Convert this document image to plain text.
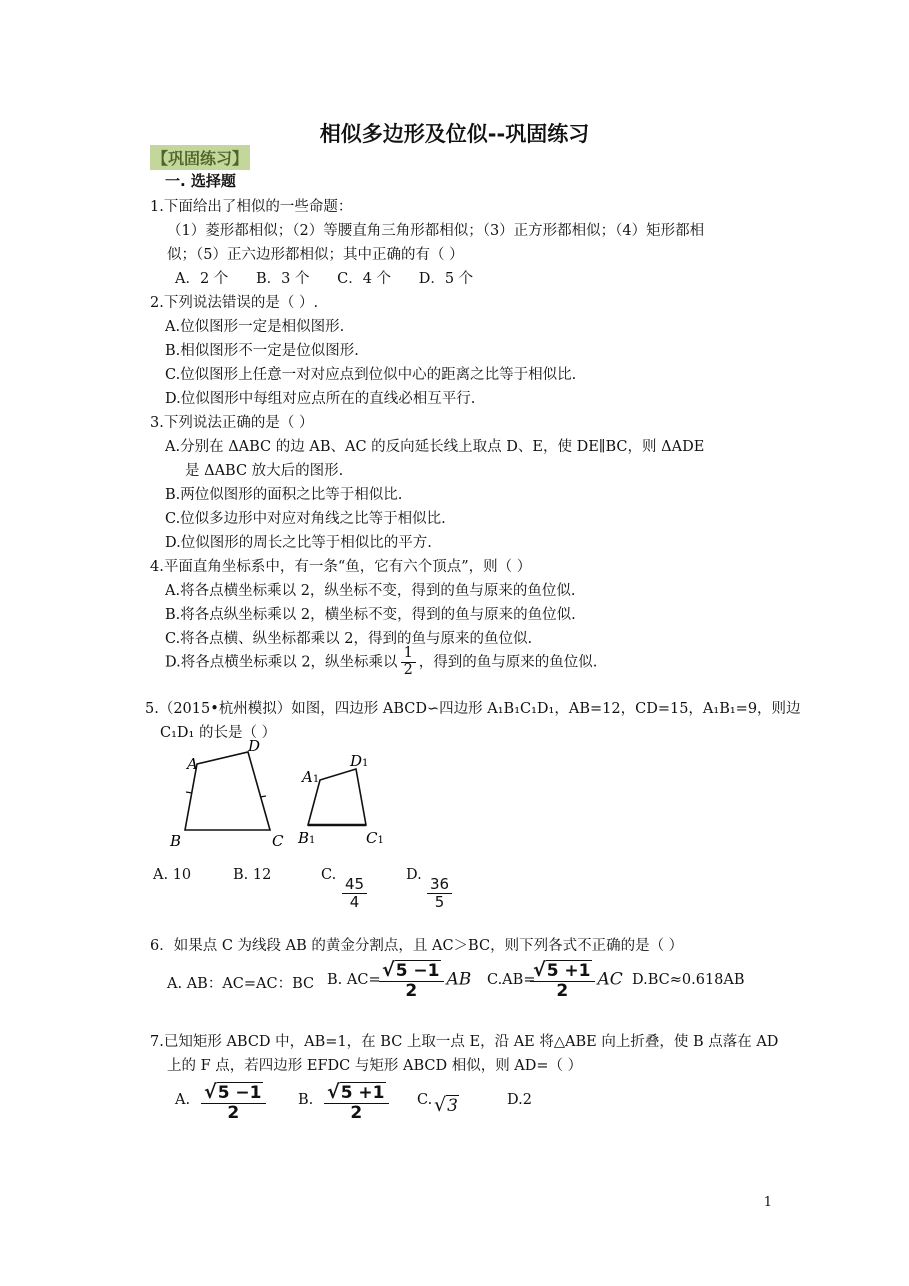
相似多边形及位似--巩固练习
【巩固练习】
一. 选择题
1.下面给出了相似的一些命题：
（1）菱形都相似；（2）等腰直角三角形都相似；（3）正方形都相似；（4）矩形都相
似；（5）正六边形都相似；其中正确的有（ ）
A．2 个      B．3 个      C．4 个      D．5 个
2.下列说法错误的是（ ）.
A.位似图形一定是相似图形.
B.相似图形不一定是位似图形.
C.位似图形上任意一对对应点到位似中心的距离之比等于相似比.
D.位似图形中每组对应点所在的直线必相互平行.
3.下列说法正确的是（ ）
A.分别在 ΔABC 的边 AB、AC 的反向延长线上取点 D、E，使 DE∥BC，则 ΔADE
是 ΔABC 放大后的图形.
B.两位似图形的面积之比等于相似比.
C.位似多边形中对应对角线之比等于相似比.
D.位似图形的周长之比等于相似比的平方.
4.平面直角坐标系中，有一条“鱼，它有六个顶点”，则（ ）
A.将各点横坐标乘以 2，纵坐标不变，得到的鱼与原来的鱼位似.
B.将各点纵坐标乘以 2，横坐标不变，得到的鱼与原来的鱼位似.
C.将各点横、纵坐标都乘以 2，得到的鱼与原来的鱼位似.
D.将各点横坐标乘以 2，纵坐标乘以 $\frac{1}{2}$ ，得到的鱼与原来的鱼位似.
5.（2015•杭州模拟）如图，四边形 ABCD∽四边形 A₁B₁C₁D₁，AB=12，CD=15，A₁B₁=9，则边
C₁D₁ 的长是（ ）
A
D
B	C
A1
D1
B1	C1
A. 10	B. 12	C.
$\frac{45}{4}$
D.
$\frac{36}{5}$
6．如果点 C 为线段 AB 的黄金分割点，且 AC＞BC，则下列各式不正确的是（ ）
A. AB：AC=AC：BC B. AC=
$\frac{√5 -1}{2}$ AB C.AB=
$\frac{√5 +1}{2}$ AC D.BC≈0.618AB
7.已知矩形 ABCD 中，AB=1，在 BC 上取一点 E，沿 AE 将△ABE 向上折叠，使 B 点落在 AD
上的 F 点，若四边形 EFDC 与矩形 ABCD 相似，则 AD=（ ）
A. $\frac{√5 -1}{2} B$. $\frac{√5 +1}{2} C$. √3	D.2
1
